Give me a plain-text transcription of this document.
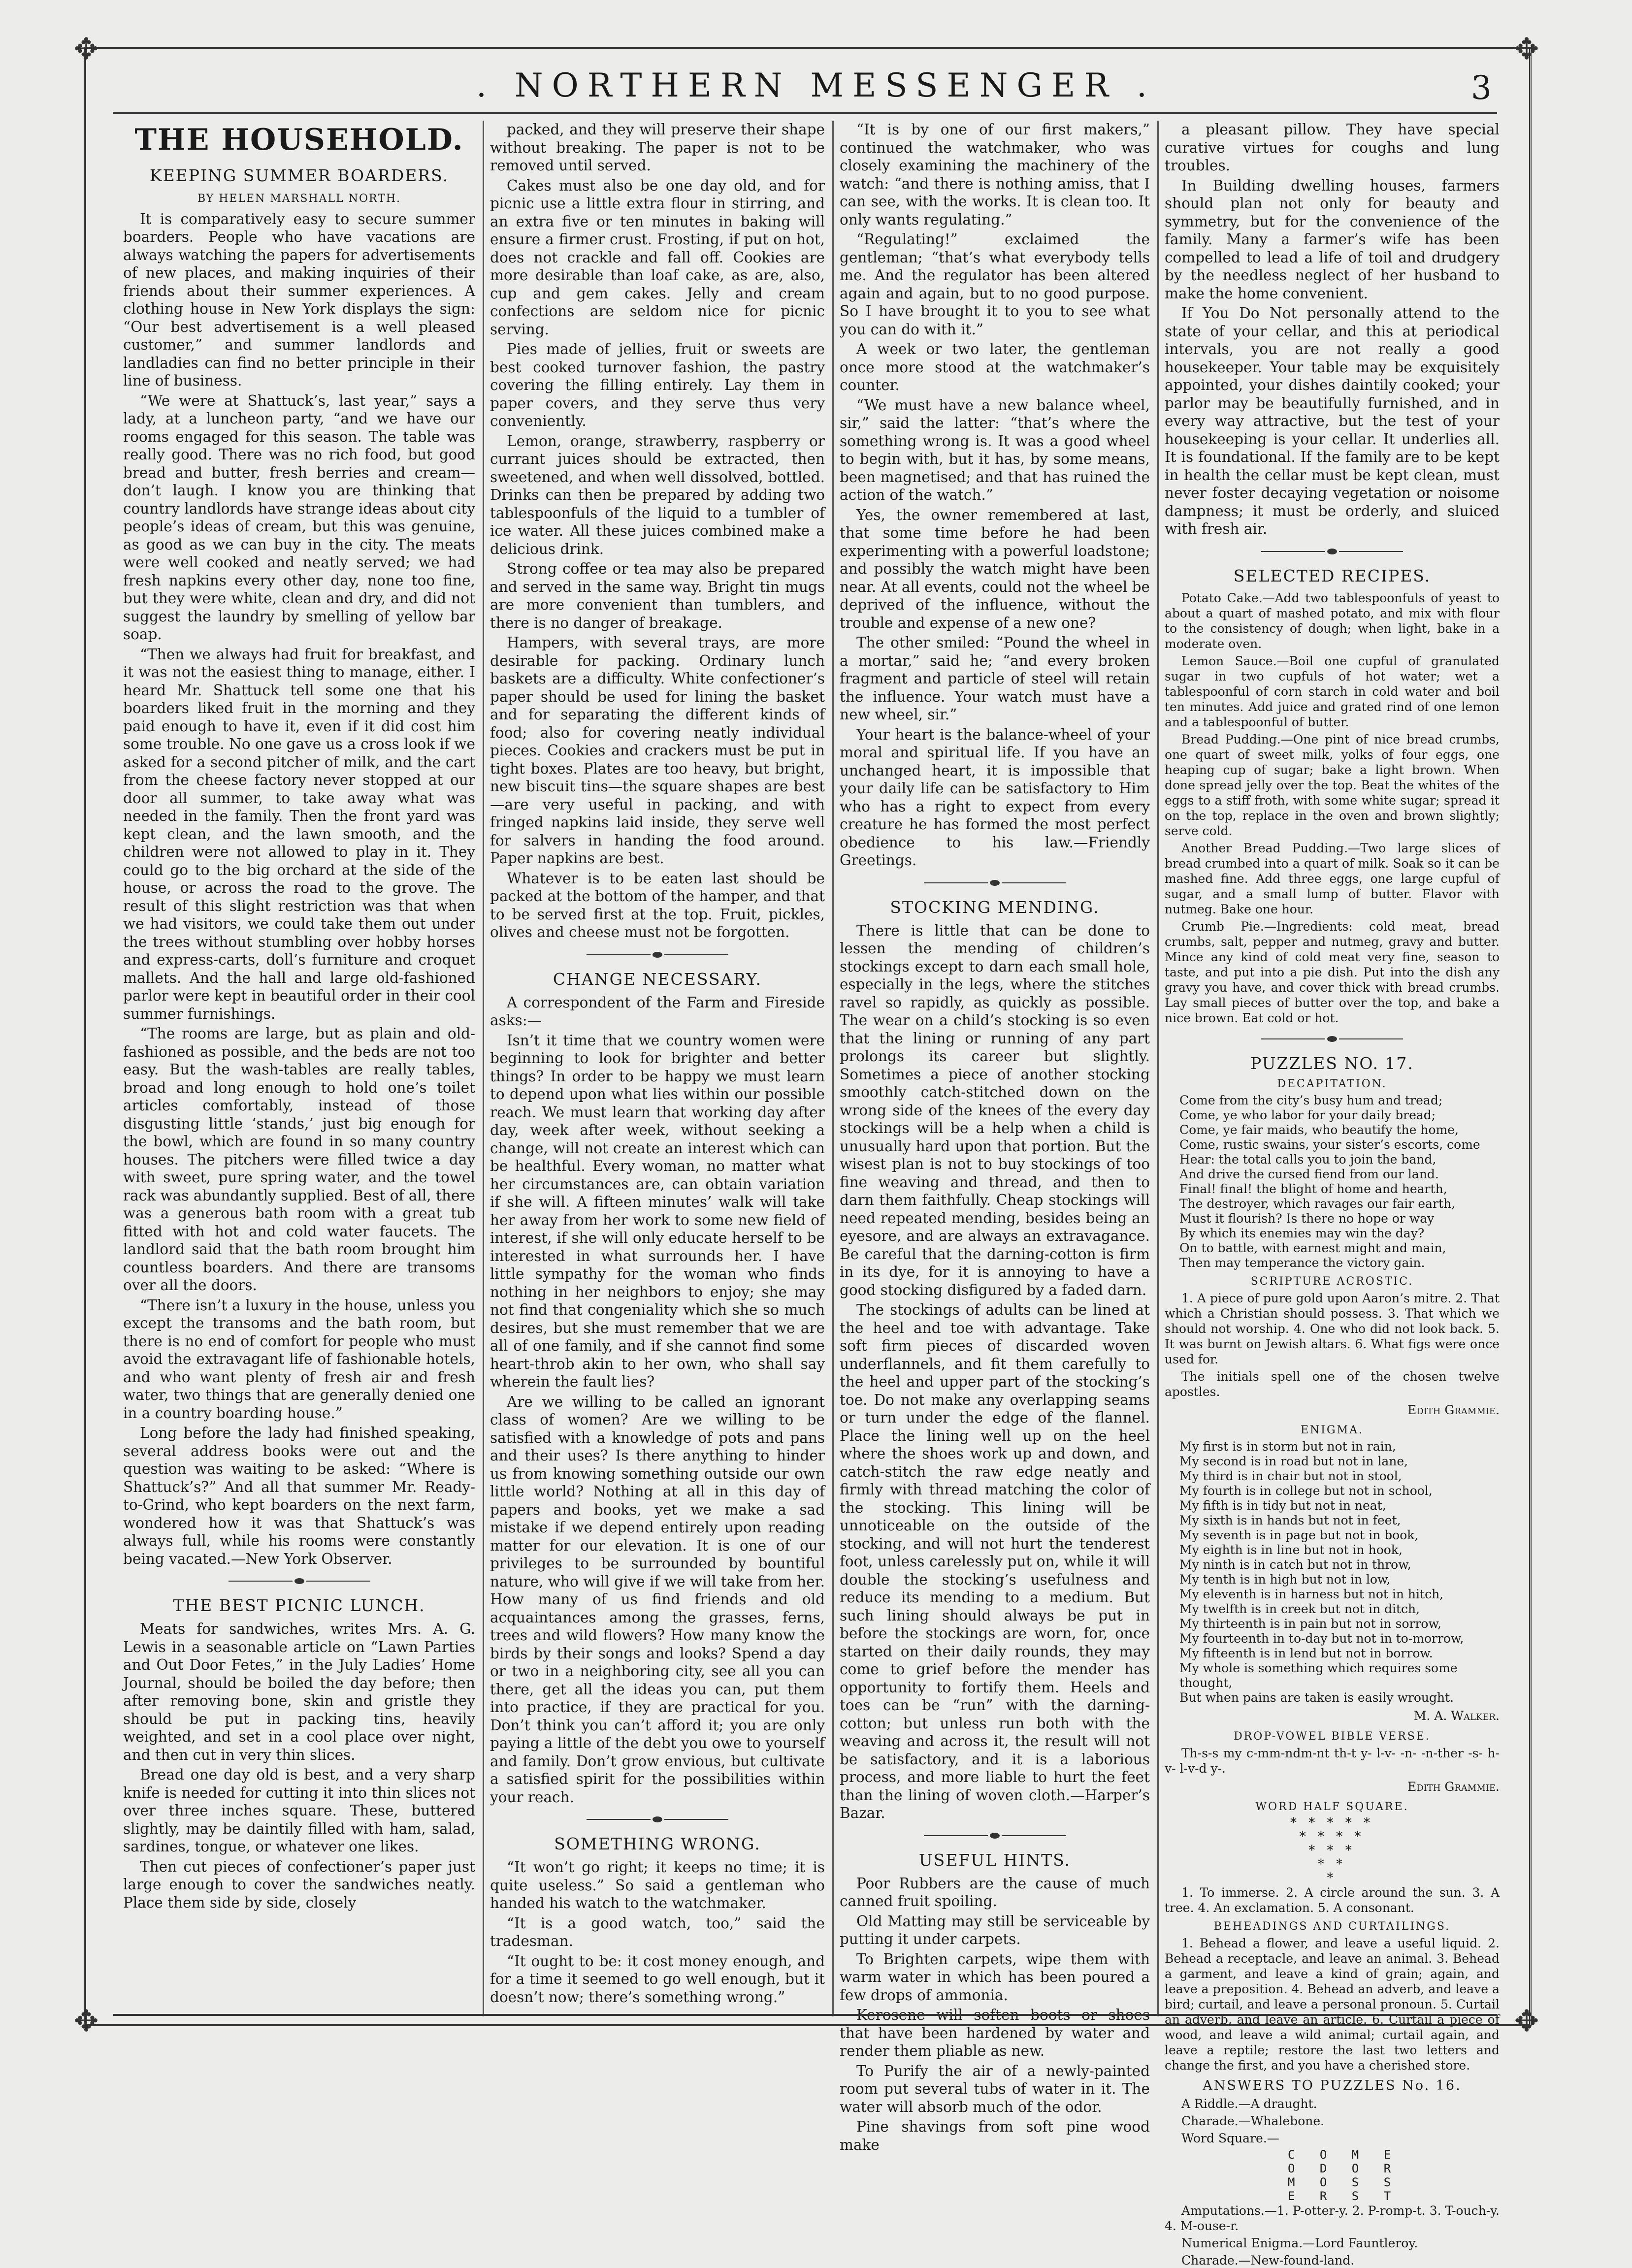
✥	✥
✥	✥
. NORTHERN MESSENGER .	3
THE HOUSEHOLD.
KEEPING SUMMER BOARDERS.

BY HELEN MARSHALL NORTH.

It is comparatively easy to secure summer boarders. People who have vacations are always watching the papers for advertisements of new places, and making inquiries of their friends about their summer experiences. A clothing house in New York displays the sign: “Our best advertisement is a well pleased customer,” and summer landlords and landladies can find no better principle in their line of business.

“We were at Shattuck’s, last year,” says a lady, at a luncheon party, “and we have our rooms engaged for this season. The table was really good. There was no rich food, but good bread and butter, fresh berries and cream—don’t laugh. I know you are thinking that country landlords have strange ideas about city people’s ideas of cream, but this was genuine, as good as we can buy in the city. The meats were well cooked and neatly served; we had fresh napkins every other day, none too fine, but they were white, clean and dry, and did not suggest the laundry by smelling of yellow bar soap.

“Then we always had fruit for breakfast, and it was not the easiest thing to manage, either. I heard Mr. Shattuck tell some one that his boarders liked fruit in the morning and they paid enough to have it, even if it did cost him some trouble. No one gave us a cross look if we asked for a second pitcher of milk, and the cart from the cheese factory never stopped at our door all summer, to take away what was needed in the family. Then the front yard was kept clean, and the lawn smooth, and the children were not allowed to play in it. They could go to the big orchard at the side of the house, or across the road to the grove. The result of this slight restriction was that when we had visitors, we could take them out under the trees without stumbling over hobby horses and express-carts, doll’s furniture and croquet mallets. And the hall and large old-fashioned parlor were kept in beautiful order in their cool summer furnishings.

“The rooms are large, but as plain and old-fashioned as possible, and the beds are not too easy. But the wash-tables are really tables, broad and long enough to hold one’s toilet articles comfortably, instead of those disgusting little ‘stands,’ just big enough for the bowl, which are found in so many country houses. The pitchers were filled twice a day with sweet, pure spring water, and the towel rack was abundantly supplied. Best of all, there was a generous bath room with a great tub fitted with hot and cold water faucets. The landlord said that the bath room brought him countless boarders. And there are transoms over all the doors.

“There isn’t a luxury in the house, unless you except the transoms and the bath room, but there is no end of comfort for people who must avoid the extravagant life of fashionable hotels, and who want plenty of fresh air and fresh water, two things that are generally denied one in a country boarding house.”

Long before the lady had finished speaking, several address books were out and the question was waiting to be asked: “Where is Shattuck’s?” And all that summer Mr. Ready-to-Grind, who kept boarders on the next farm, wondered how it was that Shattuck’s was always full, while his rooms were constantly being vacated.—New York Observer.

THE BEST PICNIC LUNCH.

Meats for sandwiches, writes Mrs. A. G. Lewis in a seasonable article on “Lawn Parties and Out Door Fetes,” in the July Ladies’ Home Journal, should be boiled the day before; then after removing bone, skin and gristle they should be put in packing tins, heavily weighted, and set in a cool place over night, and then cut in very thin slices.

Bread one day old is best, and a very sharp knife is needed for cutting it into thin slices not over three inches square. These, buttered slightly, may be daintily filled with ham, salad, sardines, tongue, or whatever one likes.

Then cut pieces of confectioner’s paper just large enough to cover the sandwiches neatly. Place them side by side, closely

packed, and they will preserve their shape without breaking. The paper is not to be removed until served.

Cakes must also be one day old, and for picnic use a little extra flour in stirring, and an extra five or ten minutes in baking will ensure a firmer crust. Frosting, if put on hot, does not crackle and fall off. Cookies are more desirable than loaf cake, as are, also, cup and gem cakes. Jelly and cream confections are seldom nice for picnic serving.

Pies made of jellies, fruit or sweets are best cooked turnover fashion, the pastry covering the filling entirely. Lay them in paper covers, and they serve thus very conveniently.

Lemon, orange, strawberry, raspberry or currant juices should be extracted, then sweetened, and when well dissolved, bottled. Drinks can then be prepared by adding two tablespoonfuls of the liquid to a tumbler of ice water. All these juices combined make a delicious drink.

Strong coffee or tea may also be prepared and served in the same way. Bright tin mugs are more convenient than tumblers, and there is no danger of breakage.

Hampers, with several trays, are more desirable for packing. Ordinary lunch baskets are a difficulty. White confectioner’s paper should be used for lining the basket and for separating the different kinds of food; also for covering neatly individual pieces. Cookies and crackers must be put in tight boxes. Plates are too heavy, but bright, new biscuit tins—the square shapes are best—are very useful in packing, and with fringed napkins laid inside, they serve well for salvers in handing the food around. Paper napkins are best.

Whatever is to be eaten last should be packed at the bottom of the hamper, and that to be served first at the top. Fruit, pickles, olives and cheese must not be forgotten.

CHANGE NECESSARY.

A correspondent of the Farm and Fireside asks:—

Isn’t it time that we country women were beginning to look for brighter and better things? In order to be happy we must learn to depend upon what lies within our possible reach. We must learn that working day after day, week after week, without seeking a change, will not create an interest which can be healthful. Every woman, no matter what her circumstances are, can obtain variation if she will. A fifteen minutes’ walk will take her away from her work to some new field of interest, if she will only educate herself to be interested in what surrounds her. I have little sympathy for the woman who finds nothing in her neighbors to enjoy; she may not find that congeniality which she so much desires, but she must remember that we are all of one family, and if she cannot find some heart-throb akin to her own, who shall say wherein the fault lies?

Are we willing to be called an ignorant class of women? Are we willing to be satisfied with a knowledge of pots and pans and their uses? Is there anything to hinder us from knowing something outside our own little world? Nothing at all in this day of papers and books, yet we make a sad mistake if we depend entirely upon reading matter for our elevation. It is one of our privileges to be surrounded by bountiful nature, who will give if we will take from her. How many of us find friends and old acquaintances among the grasses, ferns, trees and wild flowers? How many know the birds by their songs and looks? Spend a day or two in a neighboring city, see all you can there, get all the ideas you can, put them into practice, if they are practical for you. Don’t think you can’t afford it; you are only paying a little of the debt you owe to yourself and family. Don’t grow envious, but cultivate a satisfied spirit for the possibilities within your reach.

SOMETHING WRONG.

“It won’t go right; it keeps no time; it is quite useless.” So said a gentleman who handed his watch to the watchmaker.

“It is a good watch, too,” said the tradesman.

“It ought to be: it cost money enough, and for a time it seemed to go well enough, but it doesn’t now; there’s something wrong.”

“It is by one of our first makers,” continued the watchmaker, who was closely examining the machinery of the watch: “and there is nothing amiss, that I can see, with the works. It is clean too. It only wants regulating.”

“Regulating!” exclaimed the gentleman; “that’s what everybody tells me. And the regulator has been altered again and again, but to no good purpose. So I have brought it to you to see what you can do with it.”

A week or two later, the gentleman once more stood at the watchmaker’s counter.

“We must have a new balance wheel, sir,” said the latter: “that’s where the something wrong is. It was a good wheel to begin with, but it has, by some means, been magnetised; and that has ruined the action of the watch.”

Yes, the owner remembered at last, that some time before he had been experimenting with a powerful loadstone; and possibly the watch might have been near. At all events, could not the wheel be deprived of the influence, without the trouble and expense of a new one?

The other smiled: “Pound the wheel in a mortar,” said he; “and every broken fragment and particle of steel will retain the influence. Your watch must have a new wheel, sir.”

Your heart is the balance-wheel of your moral and spiritual life. If you have an unchanged heart, it is impossible that your daily life can be satisfactory to Him who has a right to expect from every creature he has formed the most perfect obedience to his law.—Friendly Greetings.

STOCKING MENDING.

There is little that can be done to lessen the mending of children’s stockings except to darn each small hole, especially in the legs, where the stitches ravel so rapidly, as quickly as possible. The wear on a child’s stocking is so even that the lining or running of any part prolongs its career but slightly. Sometimes a piece of another stocking smoothly catch-stitched down on the wrong side of the knees of the every day stockings will be a help when a child is unusually hard upon that portion. But the wisest plan is not to buy stockings of too fine weaving and thread, and then to darn them faithfully. Cheap stockings will need repeated mending, besides being an eyesore, and are always an extravagance. Be careful that the darning-cotton is firm in its dye, for it is annoying to have a good stocking disfigured by a faded darn.

The stockings of adults can be lined at the heel and toe with advantage. Take soft firm pieces of discarded woven underflannels, and fit them carefully to the heel and upper part of the stocking’s toe. Do not make any overlapping seams or turn under the edge of the flannel. Place the lining well up on the heel where the shoes work up and down, and catch-stitch the raw edge neatly and firmly with thread matching the color of the stocking. This lining will be unnoticeable on the outside of the stocking, and will not hurt the tenderest foot, unless carelessly put on, while it will double the stocking’s usefulness and reduce its mending to a medium. But such lining should always be put in before the stockings are worn, for, once started on their daily rounds, they may come to grief before the mender has opportunity to fortify them. Heels and toes can be “run” with the darning-cotton; but unless run both with the weaving and across it, the result will not be satisfactory, and it is a laborious process, and more liable to hurt the feet than the lining of woven cloth.—Harper’s Bazar.

USEFUL HINTS.

Poor Rubbers are the cause of much canned fruit spoiling.

Old Matting may still be serviceable by putting it under carpets.

To Brighten carpets, wipe them with warm water in which has been poured a few drops of ammonia.

Kerosene will soften boots or shoes that have been hardened by water and render them pliable as new.

To Purify the air of a newly-painted room put several tubs of water in it. The water will absorb much of the odor.

Pine shavings from soft pine wood make

a pleasant pillow. They have special curative virtues for coughs and lung troubles.

In Building dwelling houses, farmers should plan not only for beauty and symmetry, but for the convenience of the family. Many a farmer’s wife has been compelled to lead a life of toil and drudgery by the needless neglect of her husband to make the home convenient.

If You Do Not personally attend to the state of your cellar, and this at periodical intervals, you are not really a good housekeeper. Your table may be exquisitely appointed, your dishes daintily cooked; your parlor may be beautifully furnished, and in every way attractive, but the test of your housekeeping is your cellar. It underlies all. It is foundational. If the family are to be kept in health the cellar must be kept clean, must never foster decaying vegetation or noisome dampness; it must be orderly, and sluiced with fresh air.

SELECTED RECIPES.

Potato Cake.—Add two tablespoonfuls of yeast to about a quart of mashed potato, and mix with flour to the consistency of dough; when light, bake in a moderate oven.

Lemon Sauce.—Boil one cupful of granulated sugar in two cupfuls of hot water; wet a tablespoonful of corn starch in cold water and boil ten minutes. Add juice and grated rind of one lemon and a tablespoonful of butter.

Bread Pudding.—One pint of nice bread crumbs, one quart of sweet milk, yolks of four eggs, one heaping cup of sugar; bake a light brown. When done spread jelly over the top. Beat the whites of the eggs to a stiff froth, with some white sugar; spread it on the top, replace in the oven and brown slightly; serve cold.

Another Bread Pudding.—Two large slices of bread crumbed into a quart of milk. Soak so it can be mashed fine. Add three eggs, one large cupful of sugar, and a small lump of butter. Flavor with nutmeg. Bake one hour.

Crumb Pie.—Ingredients: cold meat, bread crumbs, salt, pepper and nutmeg, gravy and butter. Mince any kind of cold meat very fine, season to taste, and put into a pie dish. Put into the dish any gravy you have, and cover thick with bread crumbs. Lay small pieces of butter over the top, and bake a nice brown. Eat cold or hot.

PUZZLES NO. 17.
DECAPITATION.

Come from the city’s busy hum and tread;
Come, ye who labor for your daily bread;
Come, ye fair maids, who beautify the home,
Come, rustic swains, your sister’s escorts, come
Hear: the total calls you to join the band,
And drive the cursed fiend from our land.
Final! final! the blight of home and hearth,
The destroyer, which ravages our fair earth,
Must it flourish? Is there no hope or way
By which its enemies may win the day?
On to battle, with earnest might and main,
Then may temperance the victory gain.

SCRIPTURE ACROSTIC.

1. A piece of pure gold upon Aaron’s mitre. 2. That which a Christian should possess. 3. That which we should not worship. 4. One who did not look back. 5. It was burnt on Jewish altars. 6. What figs were once used for.

The initials spell one of the chosen twelve apostles.

Edith Grammie.

ENIGMA.

My first is in storm but not in rain,
My second is in road but not in lane,
My third is in chair but not in stool,
My fourth is in college but not in school,
My fifth is in tidy but not in neat,
My sixth is in hands but not in feet,
My seventh is in page but not in book,
My eighth is in line but not in hook,
My ninth is in catch but not in throw,
My tenth is in high but not in low,
My eleventh is in harness but not in hitch,
My twelfth is in creek but not in ditch,
My thirteenth is in pain but not in sorrow,
My fourteenth in to-day but not in to-morrow,
My fifteenth is in lend but not in borrow.
My whole is something which requires some thought,
But when pains are taken is easily wrought.

M. A. Walker.

DROP-VOWEL BIBLE VERSE.

Th-s-s my c-mm-ndm-nt th-t y- l-v- -n- -n-ther -s- h-v- l-v-d y-.

Edith Grammie.

WORD HALF SQUARE.
* * * * *
* * * *
* * *
* *
*

1. To immerse. 2. A circle around the sun. 3. A tree. 4. An exclamation. 5. A consonant.

BEHEADINGS AND CURTAILINGS.

1. Behead a flower, and leave a useful liquid. 2. Behead a receptacle, and leave an animal. 3. Behead a garment, and leave a kind of grain; again, and leave a preposition. 4. Behead an adverb, and leave a bird; curtail, and leave a personal pronoun. 5. Curtail an adverb, and leave an article. 6. Curtail a piece of wood, and leave a wild animal; curtail again, and leave a reptile; restore the last two letters and change the first, and you have a cherished store.

ANSWERS TO PUZZLES No. 16.

A Riddle.—A draught.

Charade.—Whalebone.

Word Square.—

C O M E
O D O R
M O S S
E R S T

Amputations.—1. P-otter-y. 2. P-romp-t. 3. T-ouch-y. 4. M-ouse-r.

Numerical Enigma.—Lord Fauntleroy.

Charade.—New-found-land.
